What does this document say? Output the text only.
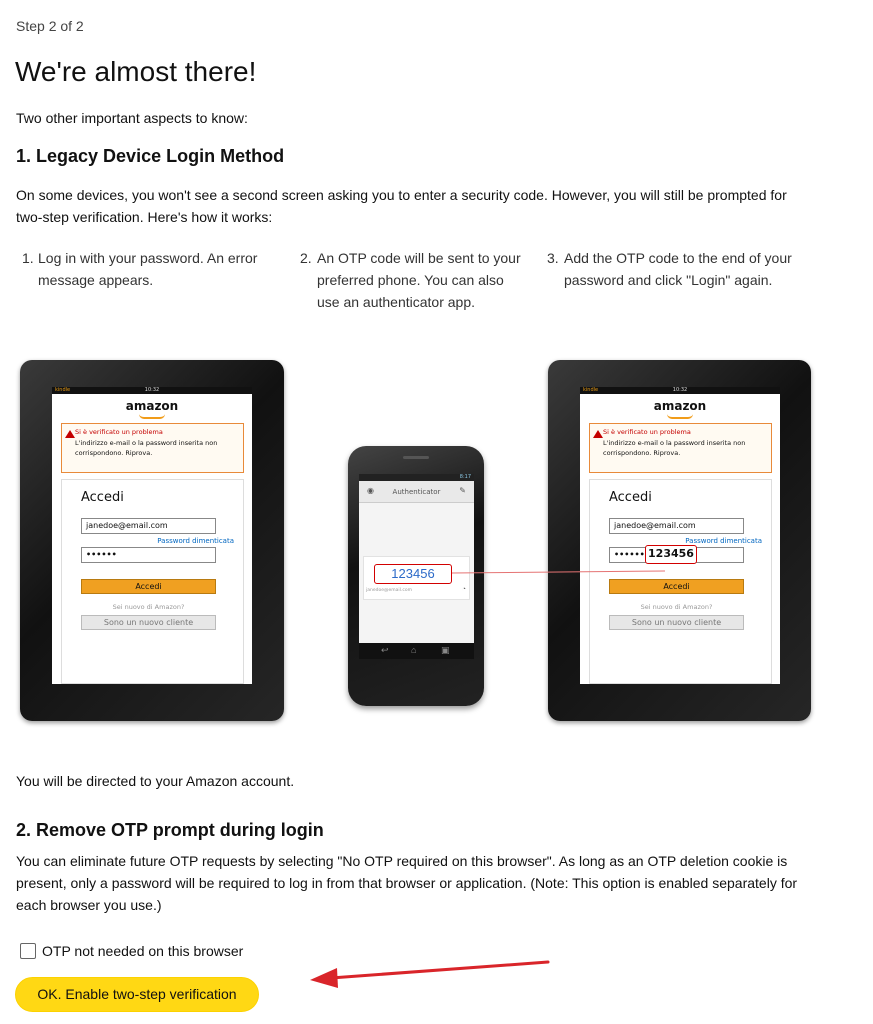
Step 2 of 2
We're almost there!
Two other important aspects to know:
1. Legacy Device Login Method
On some devices, you won't see a second screen asking you to enter a security code. However, you will still be prompted for two-step verification. Here's how it works:
1. Log in with your password. An error message appears.
2. An OTP code will be sent to your preferred phone. You can also use an authenticator app.
3. Add the OTP code to the end of your password and click "Login" again.
kindle	10:32
amazon
Si è verificato un problema
L'indirizzo e-mail o la password inserita non corrispondono. Riprova.
Accedi
janedoe@email.com
Password dimenticata
••••••
Accedi
Sei nuovo di Amazon?
Sono un nuovo cliente
8:17
◉	Authenticator	✎
123456
janedoe@email.com	◔
↩ ⌂	▣
kindle	10:32
amazon
Si è verificato un problema
L'indirizzo e-mail o la password inserita non corrispondono. Riprova.
Accedi
janedoe@email.com
Password dimenticata
•••••• 123456
Accedi
Sei nuovo di Amazon?
Sono un nuovo cliente
You will be directed to your Amazon account.
2. Remove OTP prompt during login
You can eliminate future OTP requests by selecting "No OTP required on this browser". As long as an OTP deletion cookie is present, only a password will be required to log in from that browser or application. (Note: This option is enabled separately for each browser you use.)
OTP not needed on this browser
OK. Enable two-step verification
